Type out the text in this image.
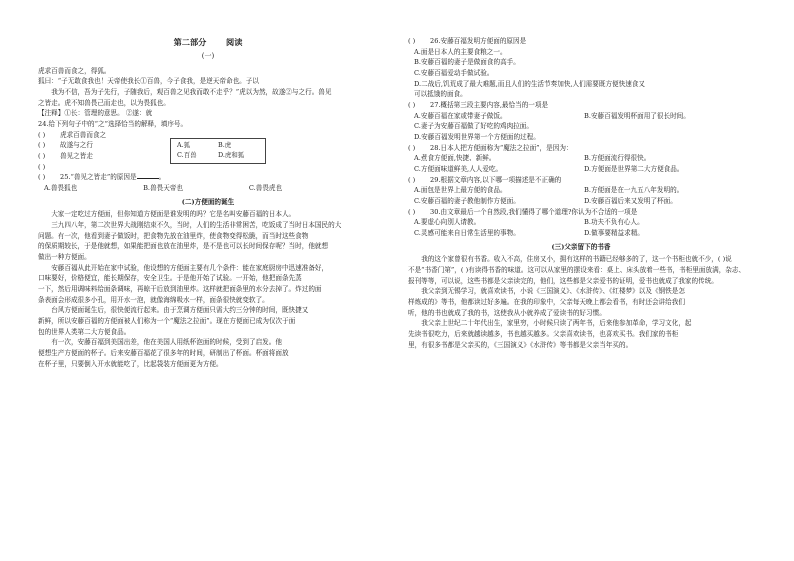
第二部分 阅读

(一)

虎求百兽而食之，得狐。

狐曰：“子无敢食我也！天帝使我长①百兽，今子食我，是逆天帝命也。子以

我为不信，吾为子先行，子随我后，观百兽之见我而敢不走乎？”虎以为然，故遂②与之行。兽见

之皆走。虎不知兽畏己而走也，以为畏狐也。

【注释】①长：管理的意思。 ②遂：就

24.给下列句子中的“之”选择恰当的解释，填序号。

( ) 虎求百兽而食之

( ) 故遂与之行

( ) 兽见之皆走

( )

A.狐	B.虎
C.百兽	D.虎和狐

( ) 25.“兽见之皆走”的原因是	。

A.兽畏狐也	B.兽畏天帝也	C.兽畏虎也

(二)方便面的诞生

大家一定吃过方便面，但你知道方便面是谁发明的吗？它是名叫安藤百福的日本人。

三九四八年，第二次世界大战刚结束不久，当时，人们的生活非常困苦，吃饭成了当时日本国民的大

问题。有一次，他看到妻子做饭时，把食物先放在油里炸，使食物变得松脆，而当时这些食物

的保质期较长，于是他就想，如果能把面也放在油里炸，是不是也可以长时间保存呢？当时，他就想

做出一种方便面。

安藤百福从此开始在家中试验，他设想的方便面主要有几个条件：能在家庭厨房中迅速准备好，

口味要好，价格便宜，能长期保存，安全卫生。于是他开始了试验。一开始，他把面条先蒸

一下，然后用调味料给面条调味，再晾干后放到油里炸。这样就把面条里的水分去掉了。炸过的面

条表面会形成很多小孔，用开水一泡，就像海绵吸水一样，面条很快就变软了。

台风方便面诞生后，很快便流行起来。由于烹调方便面只需大约三分钟的时间，既快捷又

新鲜，所以安藤百福的方便面被人们称为一个“魔法之拉面”。现在方便面已成为仅次于面

包的世界人类第二大方便食品。

有一次，安藤百福到美国出差，他在美国人用纸杯泡面的时候，受到了启发。他

便想生产方便面的杯子。后来安藤百福花了很多年的时间，研制出了杯面。杯面将面放

在杯子里，只要倒入开水就能吃了，比起袋装方便面更为方便。

( ) 26.安藤百福发明方便面的原因是

A.面是日本人的主要食粮之一。

B.安藤百福的妻子是做面食的高手。

C.安藤百福爱动手做试验。

D.二战后,饥荒成了最大难题,而且人们的生活节奏加快,人们需要既方便快速食又

可以抵饿的面食。

( ) 27.概括第三段主要内容,最恰当的一项是

A.安藤百福在家或带妻子做饭。	B.安藤百福发明杯面用了很长时间。

C.妻子为安藤百福做了好吃的鸡肉拉面。

D.安藤百福发明世界第一个方便面的过程。

( ) 28.日本人把方便面称为“魔法之拉面”，是因为：

A.煮食方便面,快捷、新鲜。	B.方便面流行得很快。
C.方便面味道鲜美,人人爱吃。	D.方便面是世界第二大方便食品。

( ) 29.根据文章内容,以下哪一项描述是不正确的

A.面包是世界上最方便的食品。	B.方便面是在一九五八年发明的。
C.安藤百福的妻子教他制作方便面。	D.安藤百福后来又发明了杯面。

( ) 30.由文章最后一个自然段,我们懂得了哪个道理?你认为不合适的一项是

A.要虚心向别人请教。	B.功夫不负有心人。
C.灵感可能来自日常生活里的事物。	D.做事要精益求精。

(三)父亲留下的书香

我的这个家曾很有书香。收入不高，住房又小，拥有这样的书籍已经够多的了，这一个书柜也就不少，( )说

不是“书香门第”，( )有读得书香的味道。这可以从家里的摆设来看：桌上、床头放着一些书，书柜里面放满，杂志、

报刊等等，可以说，这些书都是父亲读完的，他们，这些都是父亲爱书的证明，爱书也就成了我家的传统。

我父亲到无锡学习，就喜欢读书，小说《三国演义》、《水浒传》、《红楼梦》以及《钢铁是怎

样炼成的》等书，他都读过好多遍。在我的印象中，父亲每天晚上都会看书，有时还会讲给我们

听，他的书也就成了我的书，这使我从小就养成了爱读书的好习惯。

我父亲上世纪二十年代出生，家里穷，小时候只读了两年书，后来他参加革命，学习文化，起

先读书很吃力，后来就越读越多，书也越买越多。父亲喜欢读书，也喜欢买书。我们家的书柜

里，有很多书都是父亲买的，《三国演义》《水浒传》等书都是父亲当年买的。
